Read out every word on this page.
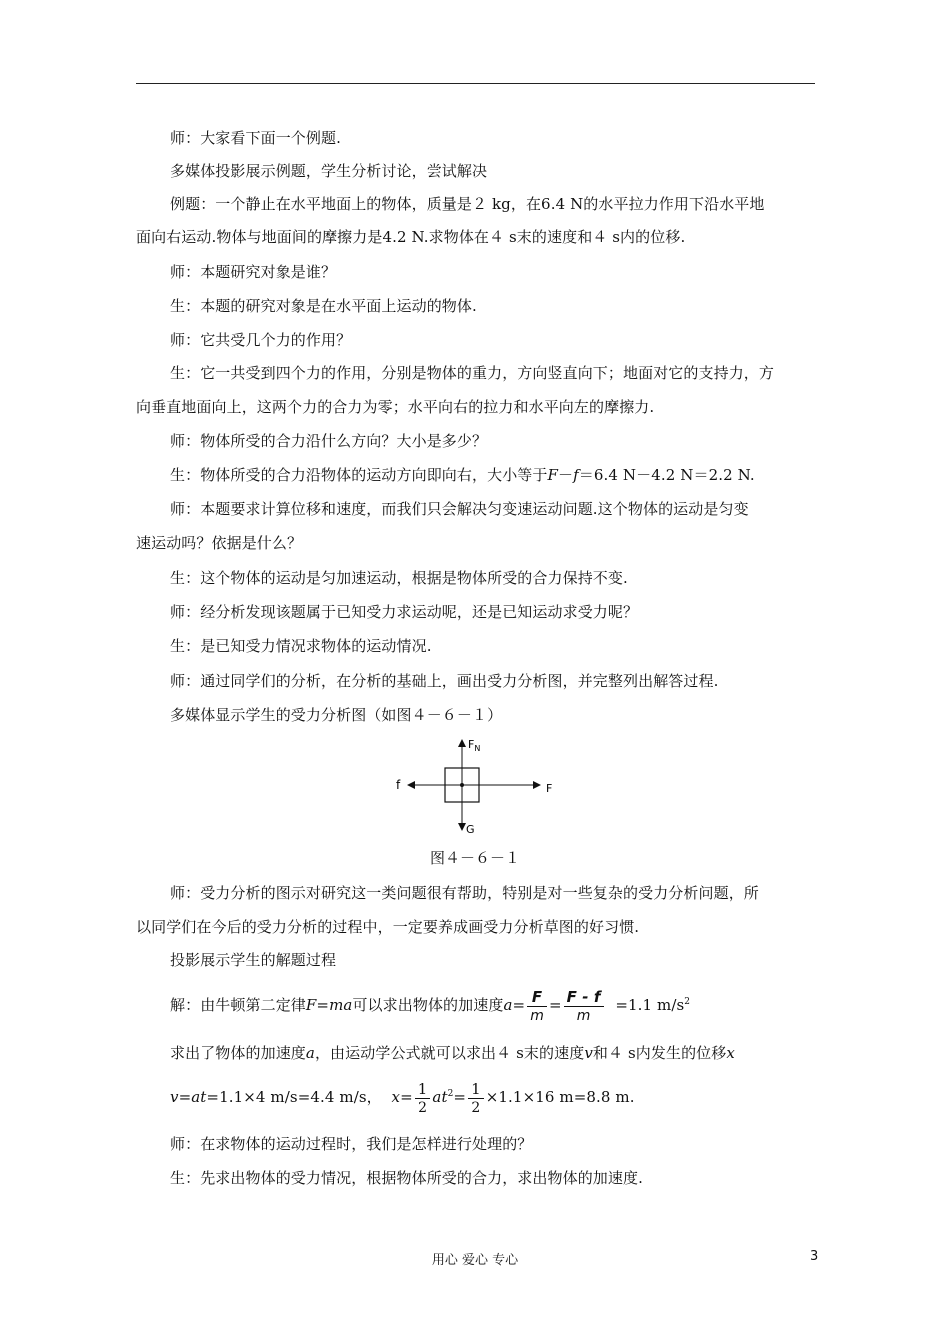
师：大家看下面一个例题.
多媒体投影展示例题，学生分析讨论，尝试解决
例题：一个静止在水平地面上的物体，质量是２ kg，在6.4 N的水平拉力作用下沿水平地
面向右运动.物体与地面间的摩擦力是4.2 N.求物体在４ s末的速度和４ s内的位移.
师：本题研究对象是谁？
生：本题的研究对象是在水平面上运动的物体.
师：它共受几个力的作用？
生：它一共受到四个力的作用，分别是物体的重力，方向竖直向下；地面对它的支持力，方
向垂直地面向上，这两个力的合力为零；水平向右的拉力和水平向左的摩擦力.
师：物体所受的合力沿什么方向？大小是多少？
生：物体所受的合力沿物体的运动方向即向右，大小等于F－f＝6.4 N－4.2 N＝2.2 N.
师：本题要求计算位移和速度，而我们只会解决匀变速运动问题.这个物体的运动是匀变
速运动吗？依据是什么？
生：这个物体的运动是匀加速运动，根据是物体所受的合力保持不变.
师：经分析发现该题属于已知受力求运动呢，还是已知运动求受力呢？
生：是已知受力情况求物体的运动情况.
师：通过同学们的分析，在分析的基础上，画出受力分析图，并完整列出解答过程.
多媒体显示学生的受力分析图（如图４－６－１）
$F_N$
f	F
G
图４－６－１
师：受力分析的图示对研究这一类问题很有帮助，特别是对一些复杂的受力分析问题，所
以同学们在今后的受力分析的过程中，一定要养成画受力分析草图的好习惯.
投影展示学生的解题过程
解：由牛顿第二定律F=ma可以求出物体的加速度$a= \frac{F}{m} = \frac{F - f}{m} =1.1$ $m/s^2$
求出了物体的加速度a，由运动学公式就可以求出４ s末的速度v和４ s内发生的位移x
v=at=1.1×4 m/s=4.4 m/s， $x= \frac{1}{2} at^2= \frac{1}{2} \times 1.1\times 16$ m=8.8 m.
师：在求物体的运动过程时，我们是怎样进行处理的？
生：先求出物体的受力情况，根据物体所受的合力，求出物体的加速度.
用心 爱心 专心	3
